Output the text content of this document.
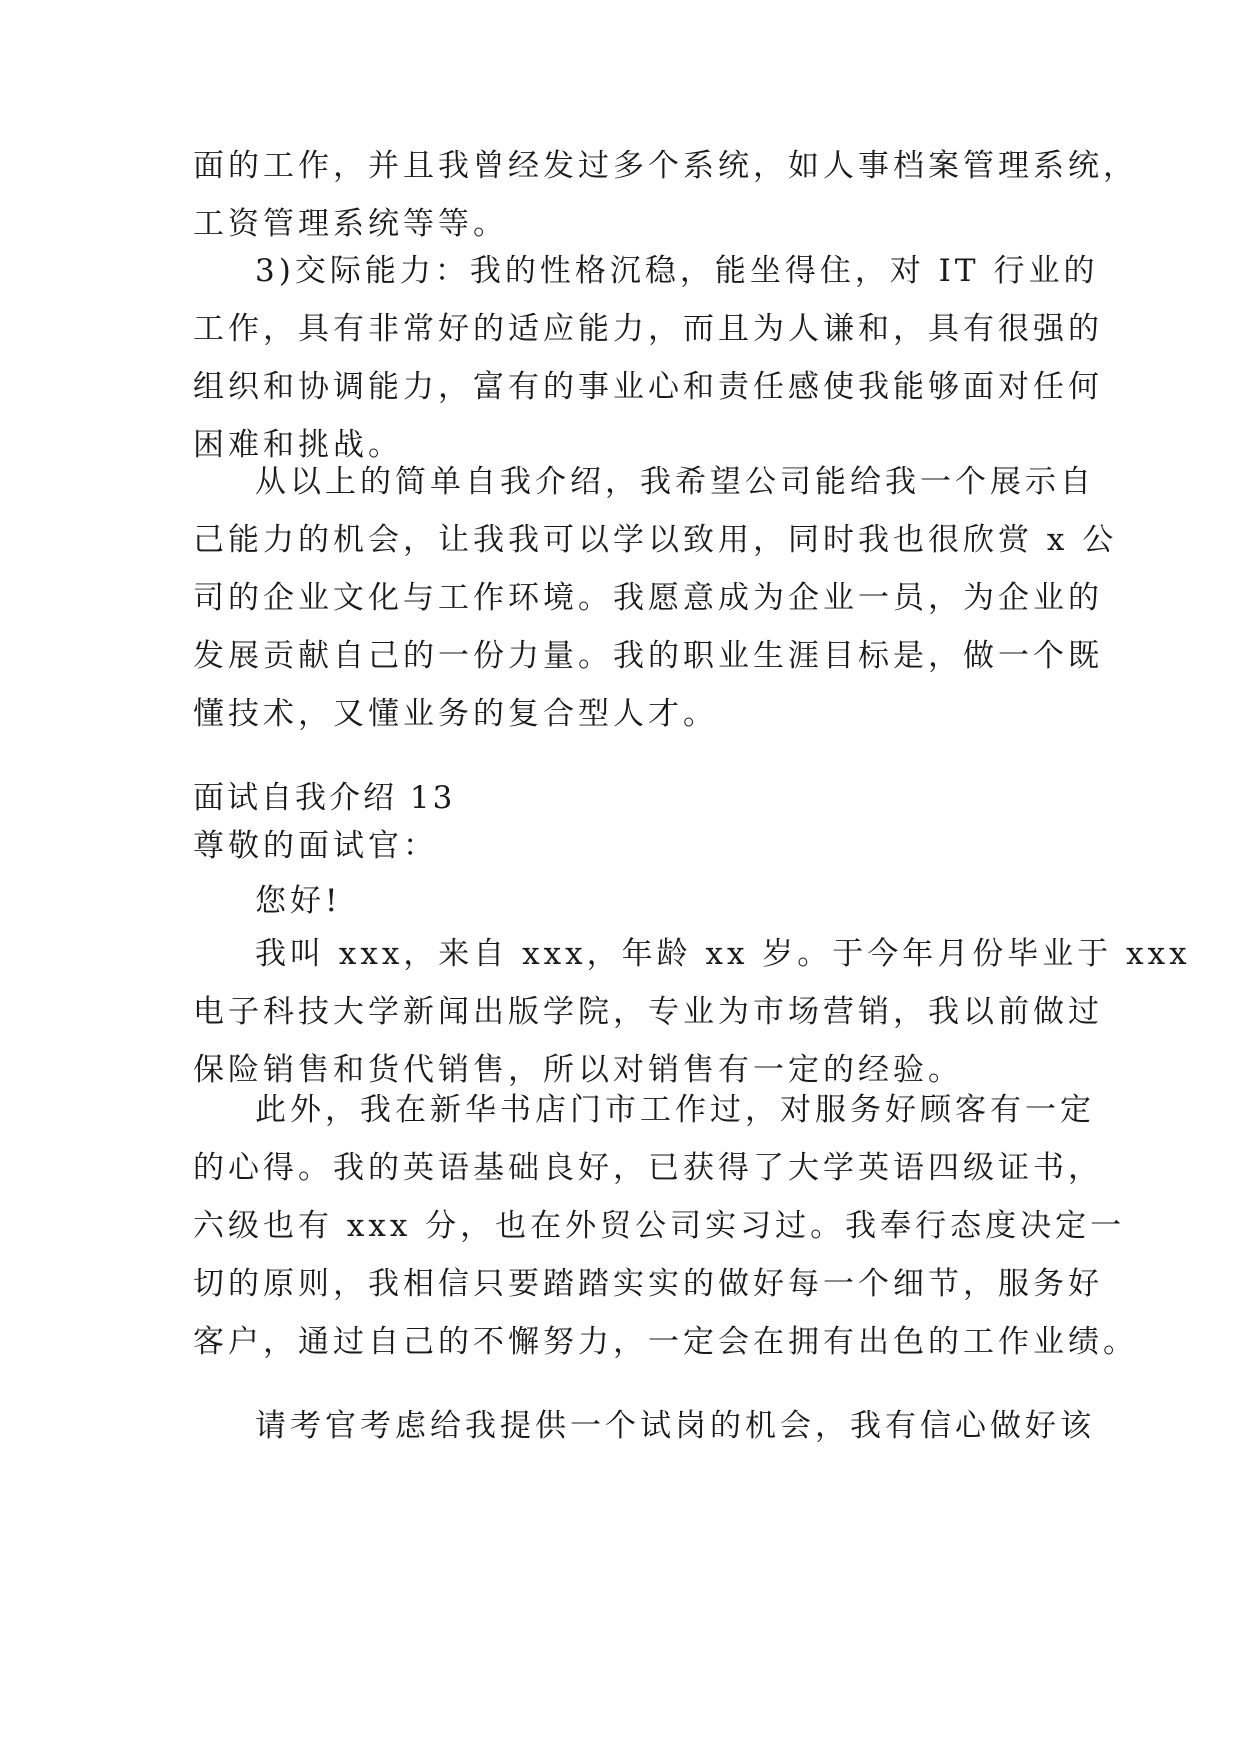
面的工作，并且我曾经发过多个系统，如人事档案管理系统，
工资管理系统等等。
3)交际能力：我的性格沉稳，能坐得住，对 IT 行业的
工作，具有非常好的适应能力，而且为人谦和，具有很强的
组织和协调能力，富有的事业心和责任感使我能够面对任何
困难和挑战。
从以上的简单自我介绍，我希望公司能给我一个展示自
己能力的机会，让我我可以学以致用，同时我也很欣赏 x 公
司的企业文化与工作环境。我愿意成为企业一员，为企业的
发展贡献自己的一份力量。我的职业生涯目标是，做一个既
懂技术，又懂业务的复合型人才。
面试自我介绍 13
尊敬的面试官：
您好!
我叫 xxx，来自 xxx，年龄 xx 岁。于今年月份毕业于 xxx
电子科技大学新闻出版学院，专业为市场营销，我以前做过
保险销售和货代销售，所以对销售有一定的经验。
此外，我在新华书店门市工作过，对服务好顾客有一定
的心得。我的英语基础良好，已获得了大学英语四级证书，
六级也有 xxx 分，也在外贸公司实习过。我奉行态度决定一
切的原则，我相信只要踏踏实实的做好每一个细节，服务好
客户，通过自己的不懈努力，一定会在拥有出色的工作业绩。
请考官考虑给我提供一个试岗的机会，我有信心做好该
